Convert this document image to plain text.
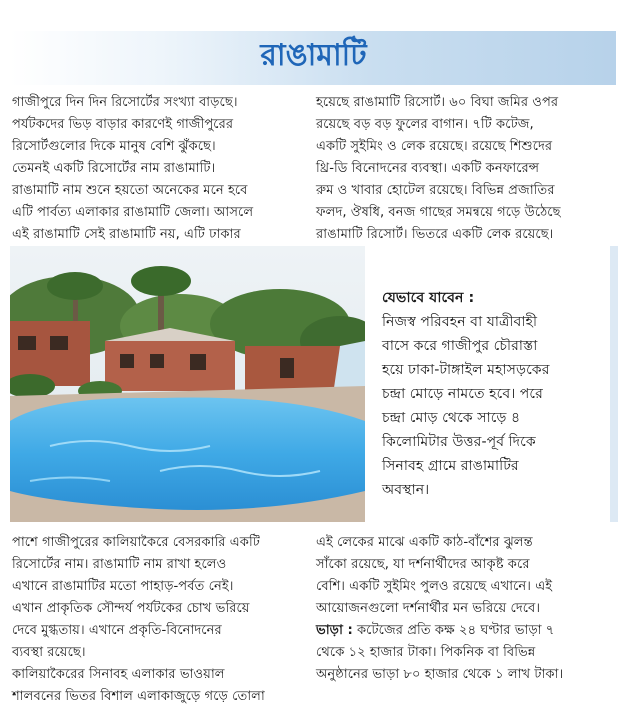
রাঙামাটি

গাজীপুরে দিন দিন রিসোর্টের সংখ্যা বাড়ছে।

পর্যটকদের ভিড় বাড়ার কারণেই গাজীপুরের

রিসোর্টগুলোর দিকে মানুষ বেশি ঝুঁকছে।

তেমনই একটি রিসোর্টের নাম রাঙামাটি।

রাঙামাটি নাম শুনে হয়তো অনেকের মনে হবে

এটি পার্বত্য এলাকার রাঙামাটি জেলা। আসলে

এই রাঙামাটি সেই রাঙামাটি নয়, এটি ঢাকার

হয়েছে রাঙামাটি রিসোর্ট। ৬০ বিঘা জমির ওপর

রয়েছে বড় বড় ফুলের বাগান। ৭টি কটেজ,

একটি সুইমিং ও লেক রয়েছে। রয়েছে শিশুদের

থ্রি-ডি বিনোদনের ব্যবস্থা। একটি কনফারেন্স

রুম ও খাবার হোটেল রয়েছে। বিভিন্ন প্রজাতির

ফলদ, ঔষধি, বনজ গাছের সমন্বয়ে গড়ে উঠেছে

রাঙামাটি রিসোর্ট। ভিতরে একটি লেক রয়েছে।

যেভাবে যাবেন :

নিজস্ব পরিবহন বা যাত্রীবাহী

বাসে করে গাজীপুর চৌরাস্তা

হয়ে ঢাকা-টাঙ্গাইল মহাসড়কের

চন্দ্রা মোড়ে নামতে হবে। পরে

চন্দ্রা মোড় থেকে সাড়ে ৪

কিলোমিটার উত্তর-পূর্ব দিকে

সিনাবহ গ্রামে রাঙামাটির

অবস্থান।

পাশে গাজীপুরের কালিয়াকৈরে বেসরকারি একটি

রিসোর্টের নাম। রাঙামাটি নাম রাখা হলেও

এখানে রাঙামাটির মতো পাহাড়-পর্বত নেই।

এখান প্রাকৃতিক সৌন্দর্য পর্যটকের চোখ ভরিয়ে

দেবে মুগ্ধতায়। এখানে প্রকৃতি-বিনোদনের

ব্যবস্থা রয়েছে।

কালিয়াকৈরের সিনাবহ এলাকার ভাওয়াল

শালবনের ভিতর বিশাল এলাকাজুড়ে গড়ে তোলা

এই লেকের মাঝে একটি কাঠ-বাঁশের ঝুলন্ত

সাঁকো রয়েছে, যা দর্শনার্থীদের আকৃষ্ট করে

বেশি। একটি সুইমিং পুলও রয়েছে এখানে। এই

আয়োজনগুলো দর্শনার্থীর মন ভরিয়ে দেবে।

ভাড়া : কটেজের প্রতি কক্ষ ২৪ ঘণ্টার ভাড়া ৭

থেকে ১২ হাজার টাকা। পিকনিক বা বিভিন্ন

অনুষ্ঠানের ভাড়া ৮০ হাজার থেকে ১ লাখ টাকা।
